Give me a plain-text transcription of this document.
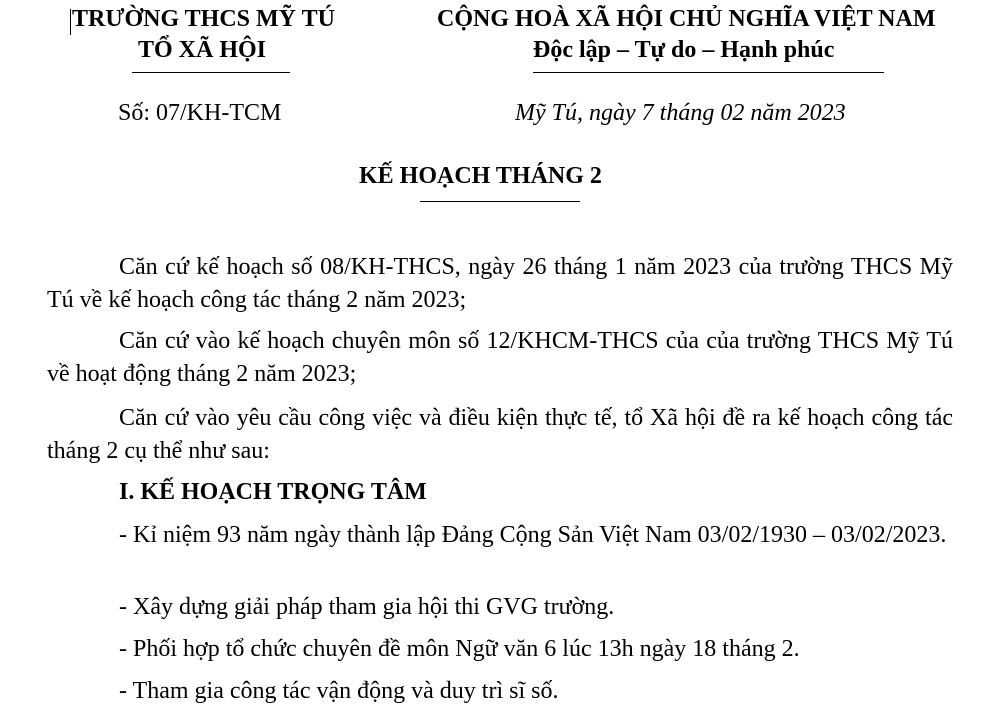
TRƯỜNG THCS MỸ TÚ
TỔ XÃ HỘI
CỘNG HOÀ XÃ HỘI CHỦ NGHĨA VIỆT NAM
Độc lập – Tự do – Hạnh phúc
Số: 07/KH-TCM	Mỹ Tú, ngày 7 tháng 02 năm 2023
KẾ HOẠCH THÁNG 2
Căn cứ kế hoạch số 08/KH-THCS, ngày 26 tháng 1 năm 2023 của trường THCS Mỹ Tú về kế hoạch công tác tháng 2 năm 2023;
Căn cứ vào kế hoạch chuyên môn số 12/KHCM-THCS của của trường THCS Mỹ Tú về hoạt động tháng 2 năm 2023;
Căn cứ vào yêu cầu công việc và điều kiện thực tế, tổ Xã hội đề ra kế hoạch công tác tháng 2 cụ thể như sau:
I. KẾ HOẠCH TRỌNG TÂM
- Kỉ niệm 93 năm ngày thành lập Đảng Cộng Sản Việt Nam 03/02/1930 – 03/02/2023.
- Xây dựng giải pháp tham gia hội thi GVG trường.
- Phối hợp tổ chức chuyên đề môn Ngữ văn 6 lúc 13h ngày 18 tháng 2.
- Tham gia công tác vận động và duy trì sĩ số.
